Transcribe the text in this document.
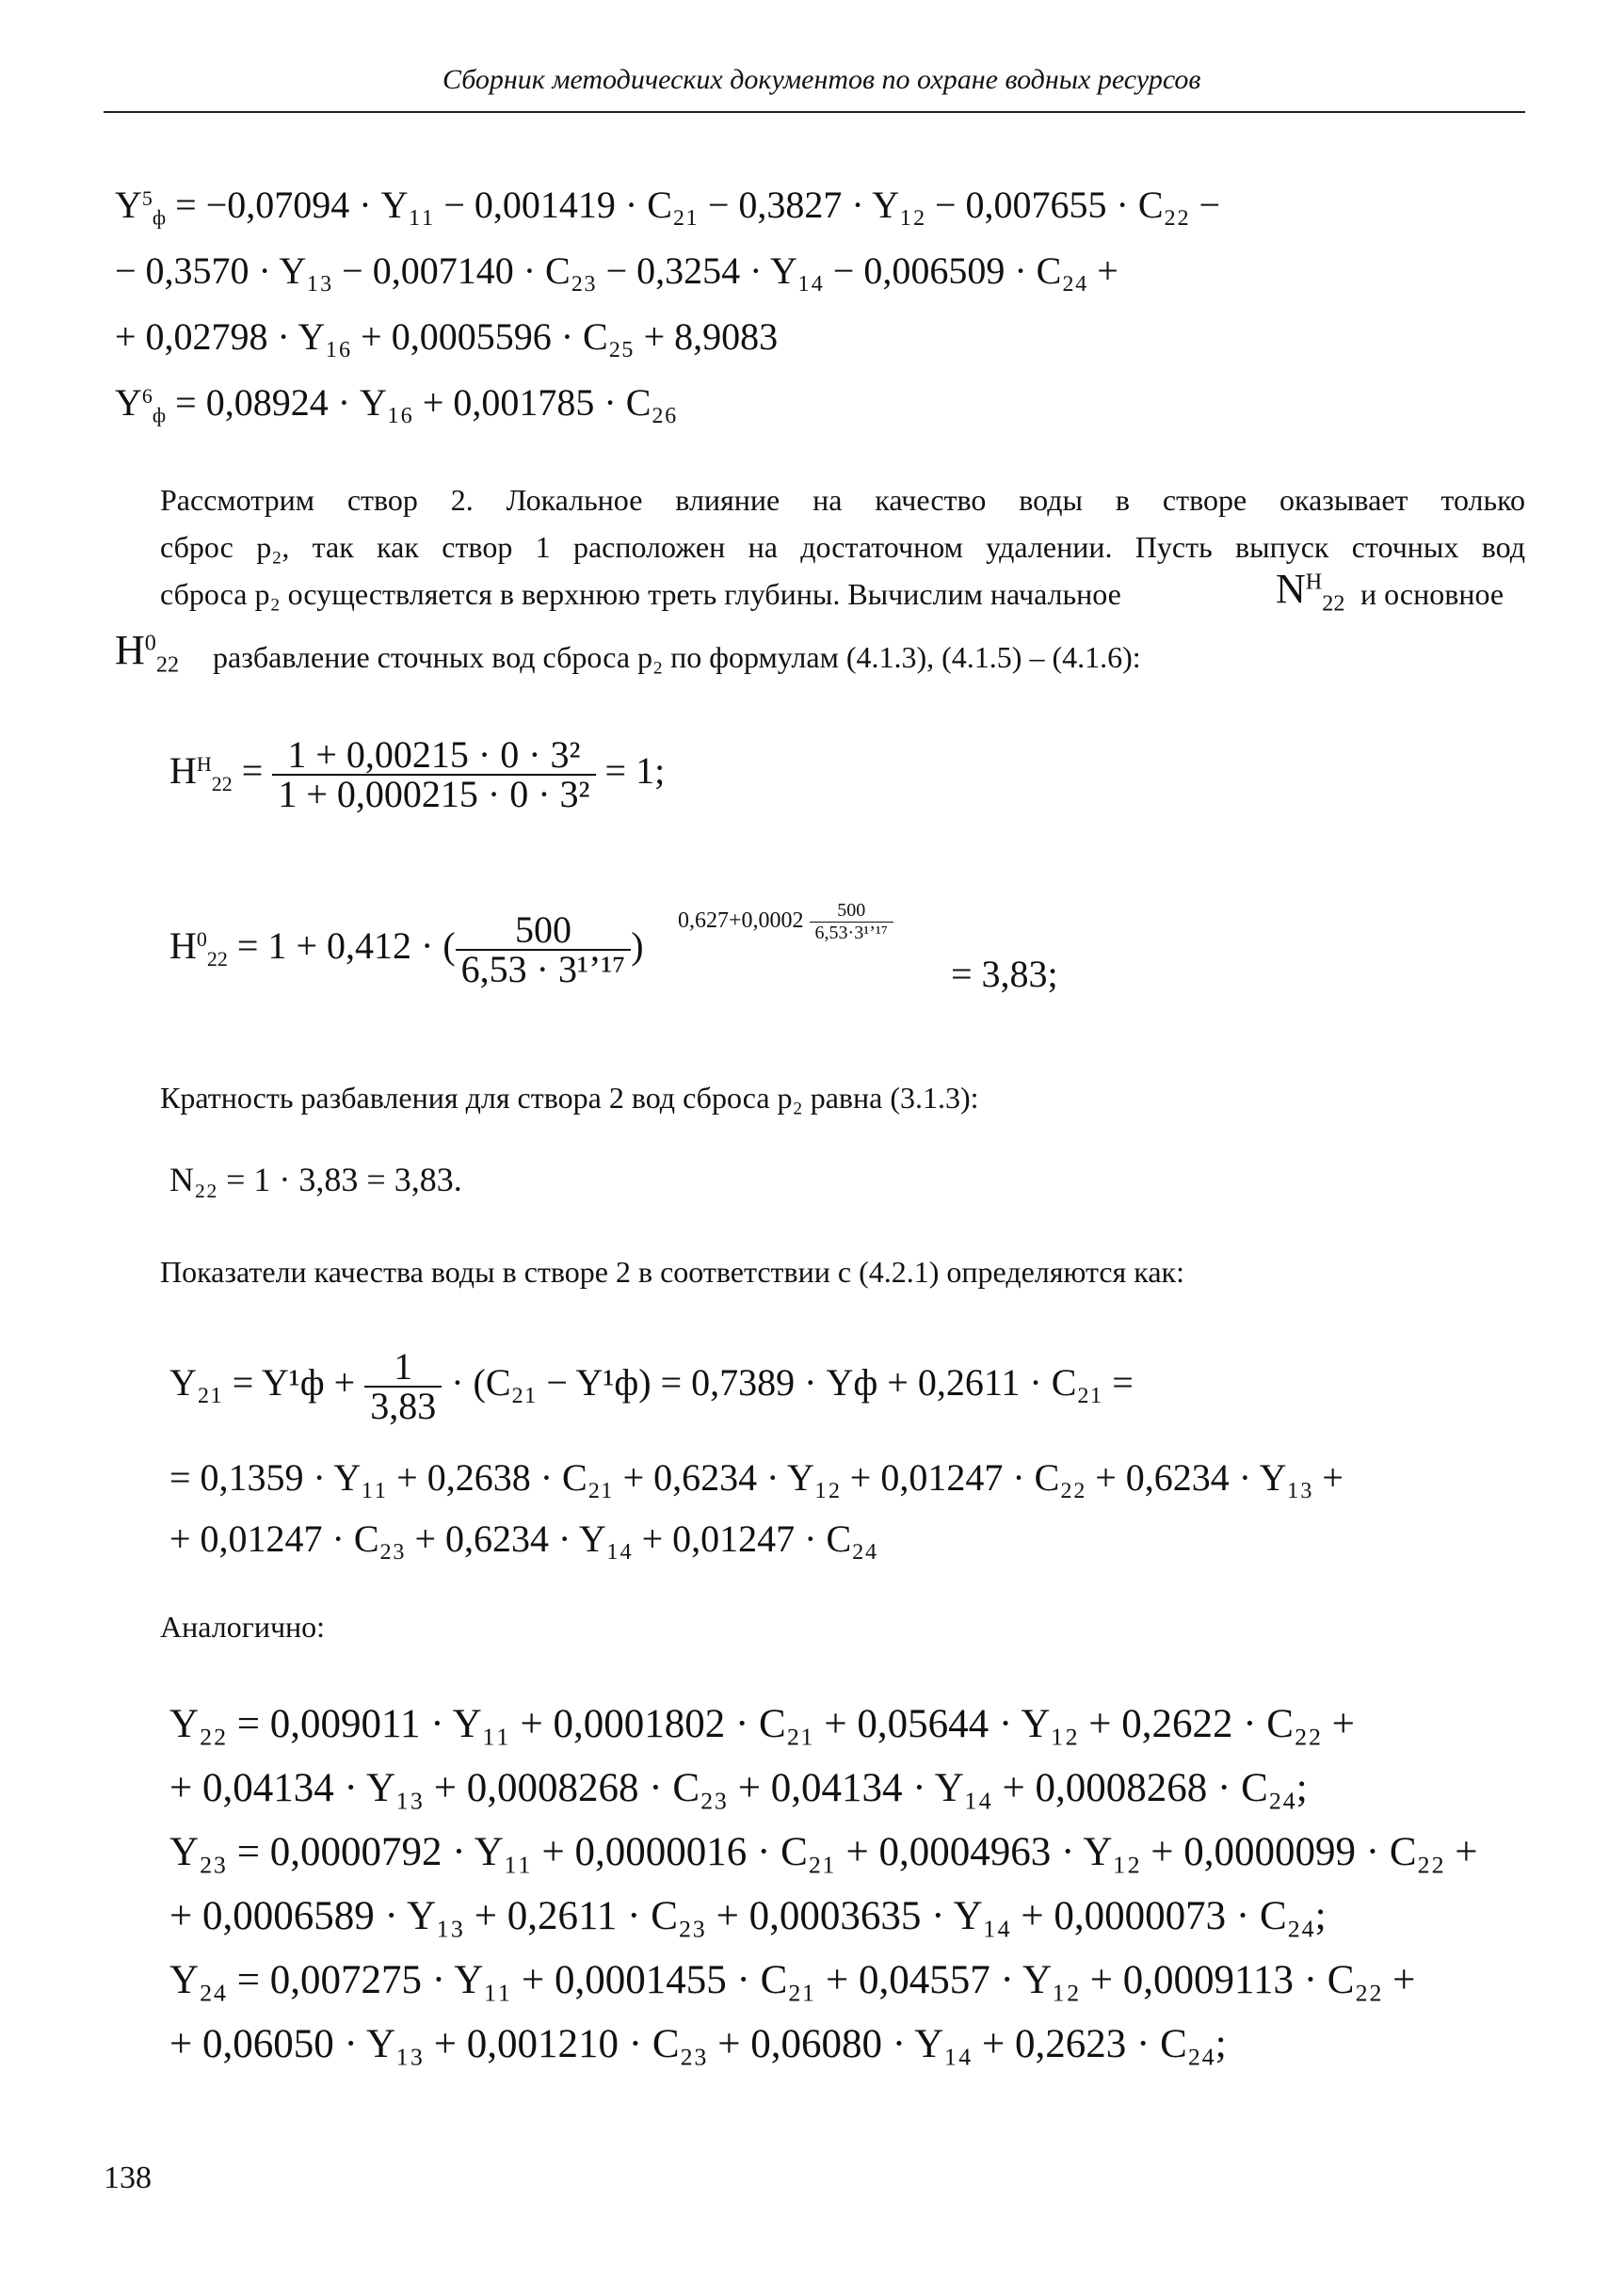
Сборник методических документов по охране водных ресурсов
$Y^5_ф = -0,07094 \cdot Y_{11} - 0,001419 \cdot C_{21} - 0,3827 \cdot Y_{12} - 0,007655 \cdot C_{22}$ −
− 0,3570 · Y₁₃ − 0,007140 · C₂₃ − 0,3254 · Y₁₄ − 0,006509 · C₂₄ +
+ 0,02798 · Y₁₆ + 0,0005596 · C₂₅ + 8,9083
$Y^6_ф = 0,08924 \cdot Y_{16} + 0,001785 \cdot C_{26}$
Рассмотрим створ 2. Локальное влияние на качество воды в створе оказывает только
сброс p₂, так как створ 1 расположен на достаточном удалении. Пусть выпуск сточных вод
сброса p₂ осуществляется в верхнюю треть глубины. Вычислим начальное	$N^H_{22}$ и основное
$H^0_{22}$ разбавление сточных вод сброса p₂ по формулам (4.1.3), (4.1.5) – (4.1.6):
$H^H_{22} = \frac{\text{1 + 0,00215 · 0 · 3²}}{\text{1 + 0,000215 · 0 · 3²}} = 1$;
$H^0_{22} = 1 + 0,412$ · ( $\frac{500}{\text{6,53 · 3¹’¹⁷}}$ )
$0,627+0,0002 \frac{500}{\text{6,53·3¹’¹⁷}}$
= 3,83;
Кратность разбавления для створа 2 вод сброса p₂ равна (3.1.3):
N₂₂ = 1 · 3,83 = 3,83.
Показатели качества воды в створе 2 в соответствии с (4.2.1) определяются как:
$Y_{21} = Y^1ф + \frac{1}{3,83} \cdot (C_{21} - Y^1ф) = 0,7389$ · Yф + 0,2611 · C₂₁ =
= 0,1359 · Y₁₁ + 0,2638 · C₂₁ + 0,6234 · Y₁₂ + 0,01247 · C₂₂ + 0,6234 · Y₁₃ +
+ 0,01247 · C₂₃ + 0,6234 · Y₁₄ + 0,01247 · C₂₄
Аналогично:
Y₂₂ = 0,009011 · Y₁₁ + 0,0001802 · C₂₁ + 0,05644 · Y₁₂ + 0,2622 · C₂₂ +
+ 0,04134 · Y₁₃ + 0,0008268 · C₂₃ + 0,04134 · Y₁₄ + 0,0008268 · C₂₄;
Y₂₃ = 0,0000792 · Y₁₁ + 0,0000016 · C₂₁ + 0,0004963 · Y₁₂ + 0,0000099 · C₂₂ +
+ 0,0006589 · Y₁₃ + 0,2611 · C₂₃ + 0,0003635 · Y₁₄ + 0,0000073 · C₂₄;
Y₂₄ = 0,007275 · Y₁₁ + 0,0001455 · C₂₁ + 0,04557 · Y₁₂ + 0,0009113 · C₂₂ +
+ 0,06050 · Y₁₃ + 0,001210 · C₂₃ + 0,06080 · Y₁₄ + 0,2623 · C₂₄;
138
